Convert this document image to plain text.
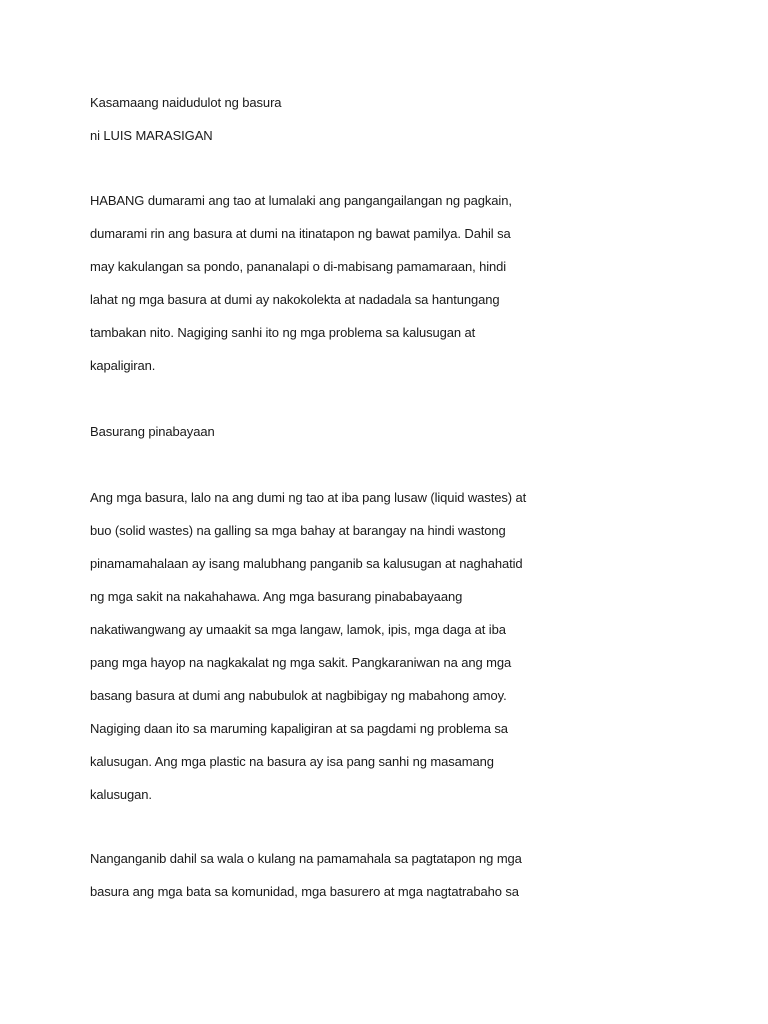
Kasamaang naidudulot ng basura
ni LUIS MARASIGAN
HABANG dumarami ang tao at lumalaki ang pangangailangan ng pagkain,
dumarami rin ang basura at dumi na itinatapon ng bawat pamilya. Dahil sa
may kakulangan sa pondo, pananalapi o di-mabisang pamamaraan, hindi
lahat ng mga basura at dumi ay nakokolekta at nadadala sa hantungang
tambakan nito. Nagiging sanhi ito ng mga problema sa kalusugan at
kapaligiran.
Basurang pinabayaan
Ang mga basura, lalo na ang dumi ng tao at iba pang lusaw (liquid wastes) at
buo (solid wastes) na galling sa mga bahay at barangay na hindi wastong
pinamamahalaan ay isang malubhang panganib sa kalusugan at naghahatid
ng mga sakit na nakahahawa. Ang mga basurang pinababayaang
nakatiwangwang ay umaakit sa mga langaw, lamok, ipis, mga daga at iba
pang mga hayop na nagkakalat ng mga sakit. Pangkaraniwan na ang mga
basang basura at dumi ang nabubulok at nagbibigay ng mabahong amoy.
Nagiging daan ito sa maruming kapaligiran at sa pagdami ng problema sa
kalusugan. Ang mga plastic na basura ay isa pang sanhi ng masamang
kalusugan.
Nanganganib dahil sa wala o kulang na pamamahala sa pagtatapon ng mga
basura ang mga bata sa komunidad, mga basurero at mga nagtatrabaho sa
